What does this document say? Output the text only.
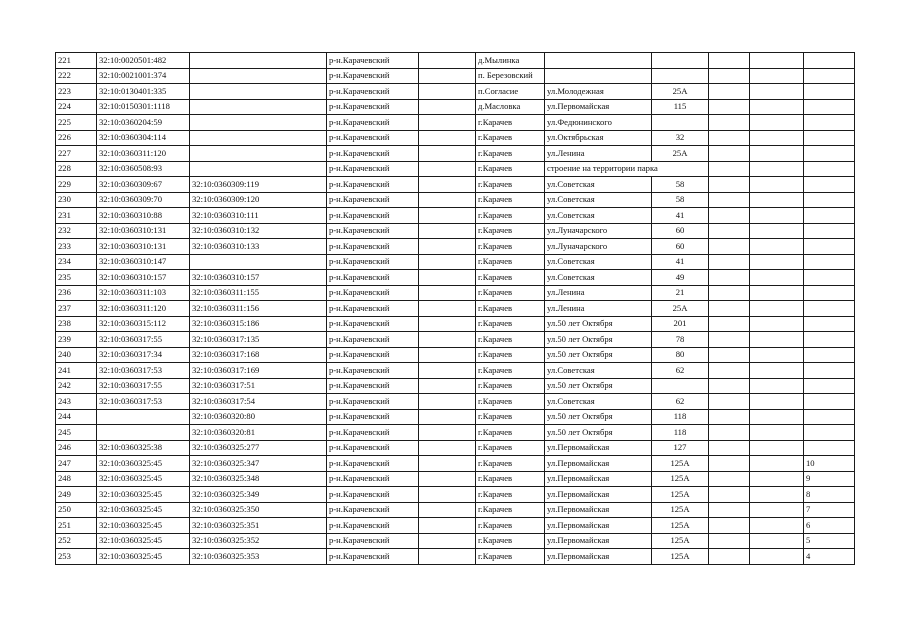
221	32:10:0020501:482		р-н.Карачевский		д.Мылинка					
222	32:10:0021001:374		р-н.Карачевский		п. Березовский					
223	32:10:0130401:335		р-н.Карачевский		п.Согласие	ул.Молодежная	25А			
224	32:10:0150301:1118		р-н.Карачевский		д.Масловка	ул.Первомайская	115			
225	32:10:0360204:59		р-н.Карачевский		г.Карачев	ул.Федюнинского				
226	32:10:0360304:114		р-н.Карачевский		г.Карачев	ул.Октябрьская	32			
227	32:10:0360311:120		р-н.Карачевский		г.Карачев	ул.Ленина	25А			
228	32:10:0360508:93		р-н.Карачевский		г.Карачев	строение на территории парка				
229	32:10:0360309:67	32:10:0360309:119	р-н.Карачевский		г.Карачев	ул.Советская	58			
230	32:10:0360309:70	32:10:0360309:120	р-н.Карачевский		г.Карачев	ул.Советская	58			
231	32:10:0360310:88	32:10:0360310:111	р-н.Карачевский		г.Карачев	ул.Советская	41			
232	32:10:0360310:131	32:10:0360310:132	р-н.Карачевский		г.Карачев	ул.Луначарского	60			
233	32:10:0360310:131	32:10:0360310:133	р-н.Карачевский		г.Карачев	ул.Луначарского	60			
234	32:10:0360310:147		р-н.Карачевский		г.Карачев	ул.Советская	41			
235	32:10:0360310:157	32:10:0360310:157	р-н.Карачевский		г.Карачев	ул.Советская	49			
236	32:10:0360311:103	32:10:0360311:155	р-н.Карачевский		г.Карачев	ул.Ленина	21			
237	32:10:0360311:120	32:10:0360311:156	р-н.Карачевский		г.Карачев	ул.Ленина	25А			
238	32:10:0360315:112	32:10:0360315:186	р-н.Карачевский		г.Карачев	ул.50 лет Октября	201			
239	32:10:0360317:55	32:10:0360317:135	р-н.Карачевский		г.Карачев	ул.50 лет Октября	78			
240	32:10:0360317:34	32:10:0360317:168	р-н.Карачевский		г.Карачев	ул.50 лет Октября	80			
241	32:10:0360317:53	32:10:0360317:169	р-н.Карачевский		г.Карачев	ул.Советская	62			
242	32:10:0360317:55	32:10:0360317:51	р-н.Карачевский		г.Карачев	ул.50 лет Октября				
243	32:10:0360317:53	32:10:0360317:54	р-н.Карачевский		г.Карачев	ул.Советская	62			
244		32:10:0360320:80	р-н.Карачевский		г.Карачев	ул.50 лет Октября	118			
245		32:10:0360320:81	р-н.Карачевский		г.Карачев	ул.50 лет Октября	118			
246	32:10:0360325:38	32:10:0360325:277	р-н.Карачевский		г.Карачев	ул.Первомайская	127			
247	32:10:0360325:45	32:10:0360325:347	р-н.Карачевский		г.Карачев	ул.Первомайская	125А			10
248	32:10:0360325:45	32:10:0360325:348	р-н.Карачевский		г.Карачев	ул.Первомайская	125А			9
249	32:10:0360325:45	32:10:0360325:349	р-н.Карачевский		г.Карачев	ул.Первомайская	125А			8
250	32:10:0360325:45	32:10:0360325:350	р-н.Карачевский		г.Карачев	ул.Первомайская	125А			7
251	32:10:0360325:45	32:10:0360325:351	р-н.Карачевский		г.Карачев	ул.Первомайская	125А			6
252	32:10:0360325:45	32:10:0360325:352	р-н.Карачевский		г.Карачев	ул.Первомайская	125А			5
253	32:10:0360325:45	32:10:0360325:353	р-н.Карачевский		г.Карачев	ул.Первомайская	125А			4
